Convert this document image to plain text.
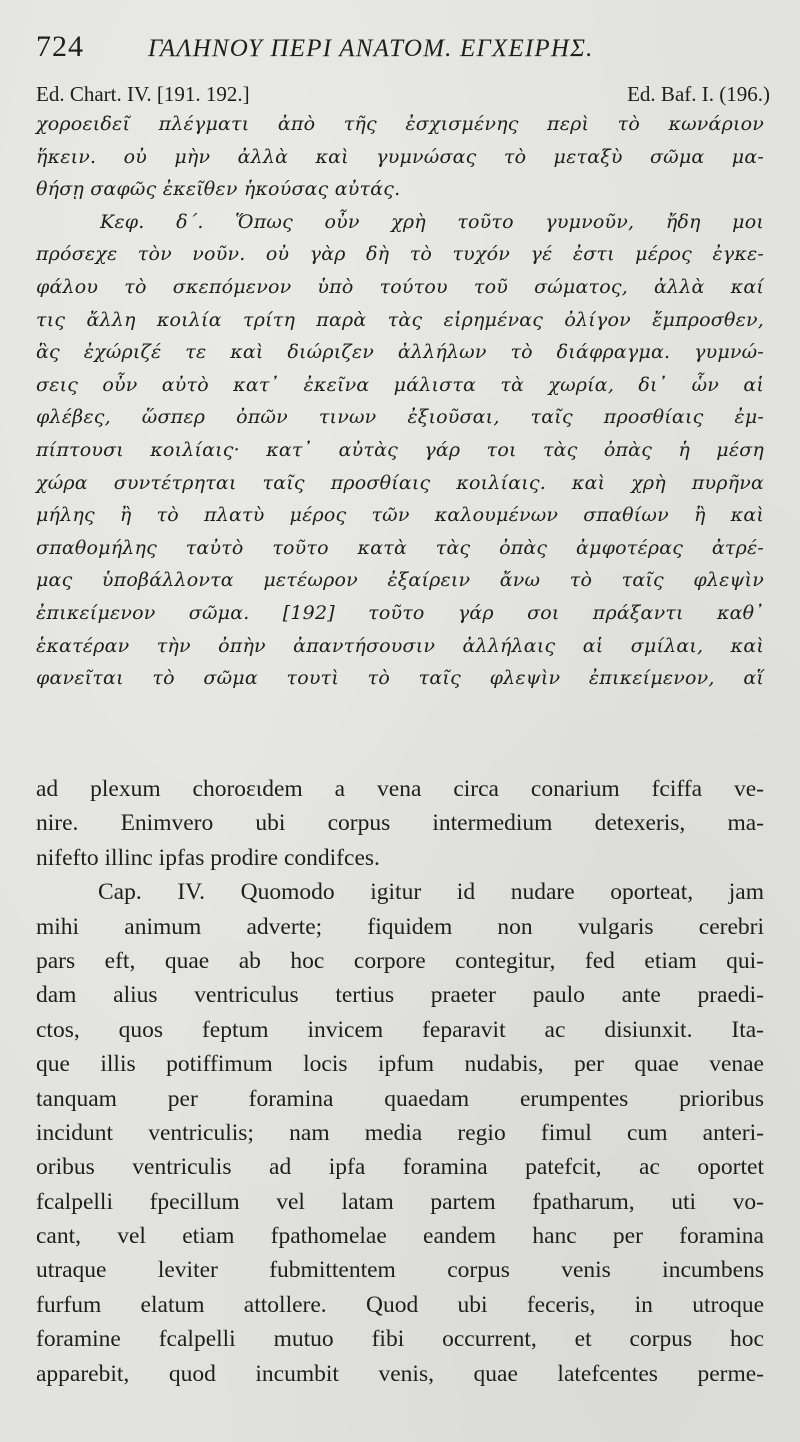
724	ΓΑΛΗΝΟΥ ΠΕΡΙ ΑΝΑΤΟΜ. ΕΓΧΕΙΡΗΣ.
Ed. Chart. IV. [191. 192.]	Ed. Baf. I. (196.)
χοροειδεῖ πλέγματι ἀπὸ τῆς ἐσχισμένης περὶ τὸ κωνάριον
ἥκειν. οὐ μὴν ἀλλὰ καὶ γυμνώσας τὸ μεταξὺ σῶμα μα-
θήσῃ σαφῶς ἐκεῖθεν ἡκούσας αὐτάς.
Κεφ. δ΄. Ὅπως οὖν χρὴ τοῦτο γυμνοῦν, ἤδη μοι
πρόσεχε τὸν νοῦν. οὐ γὰρ δὴ τὸ τυχόν γέ ἐστι μέρος ἐγκε-
φάλου τὸ σκεπόμενον ὑπὸ τούτου τοῦ σώματος, ἀλλὰ καί
τις ἄλλη κοιλία τρίτη παρὰ τὰς εἰρημένας ὀλίγον ἔμπροσθεν,
ἃς ἐχώριζέ τε καὶ διώριζεν ἀλλήλων τὸ διάφραγμα. γυμνώ-
σεις οὖν αὐτὸ κατ᾿ ἐκεῖνα μάλιστα τὰ χωρία, δι᾿ ὧν αἱ
φλέβες, ὥσπερ ὀπῶν τινων ἐξιοῦσαι, ταῖς προσθίαις ἐμ-
πίπτουσι κοιλίαις· κατ᾿ αὐτὰς γάρ τοι τὰς ὀπὰς ἡ μέση
χώρα συντέτρηται ταῖς προσθίαις κοιλίαις. καὶ χρὴ πυρῆνα
μήλης ἢ τὸ πλατὺ μέρος τῶν καλουμένων σπαθίων ἢ καὶ
σπαθομήλης ταὐτὸ τοῦτο κατὰ τὰς ὀπὰς ἀμφοτέρας ἀτρέ-
μας ὑποβάλλοντα μετέωρον ἐξαίρειν ἄνω τὸ ταῖς φλεψὶν
ἐπικείμενον σῶμα. [192] τοῦτο γάρ σοι πράξαντι καθ᾿
ἑκατέραν τὴν ὀπὴν ἀπαντήσουσιν ἀλλήλαις αἱ σμίλαι, καὶ
φανεῖται τὸ σῶμα τουτὶ τὸ ταῖς φλεψὶν ἐπικείμενον, αἵ
ad plexum chorοειdem a vena circa conarium fciffa ve-
nire. Enimvero ubi corpus intermedium detexeris, ma-
nifefto illinc ipfas prodire condifces.
Cap. IV. Quomodo igitur id nudare oporteat, jam
mihi animum adverte; fiquidem non vulgaris cerebri
pars eft, quae ab hoc corpore contegitur, fed etiam qui-
dam alius ventriculus tertius praeter paulo ante praedi-
ctos, quos feptum invicem feparavit ac disiunxit. Ita-
que illis potiffimum locis ipfum nudabis, per quae venae
tanquam per foramina quaedam erumpentes prioribus
incidunt ventriculis; nam media regio fimul cum anteri-
oribus ventriculis ad ipfa foramina patefcit, ac oportet
fcalpelli fpecillum vel latam partem fpatharum, uti vo-
cant, vel etiam fpathomelae eandem hanc per foramina
utraque leviter fubmittentem corpus venis incumbens
furfum elatum attollere. Quod ubi feceris, in utroque
foramine fcalpelli mutuo fibi occurrent, et corpus hoc
apparebit, quod incumbit venis, quae latefcentes perme-
